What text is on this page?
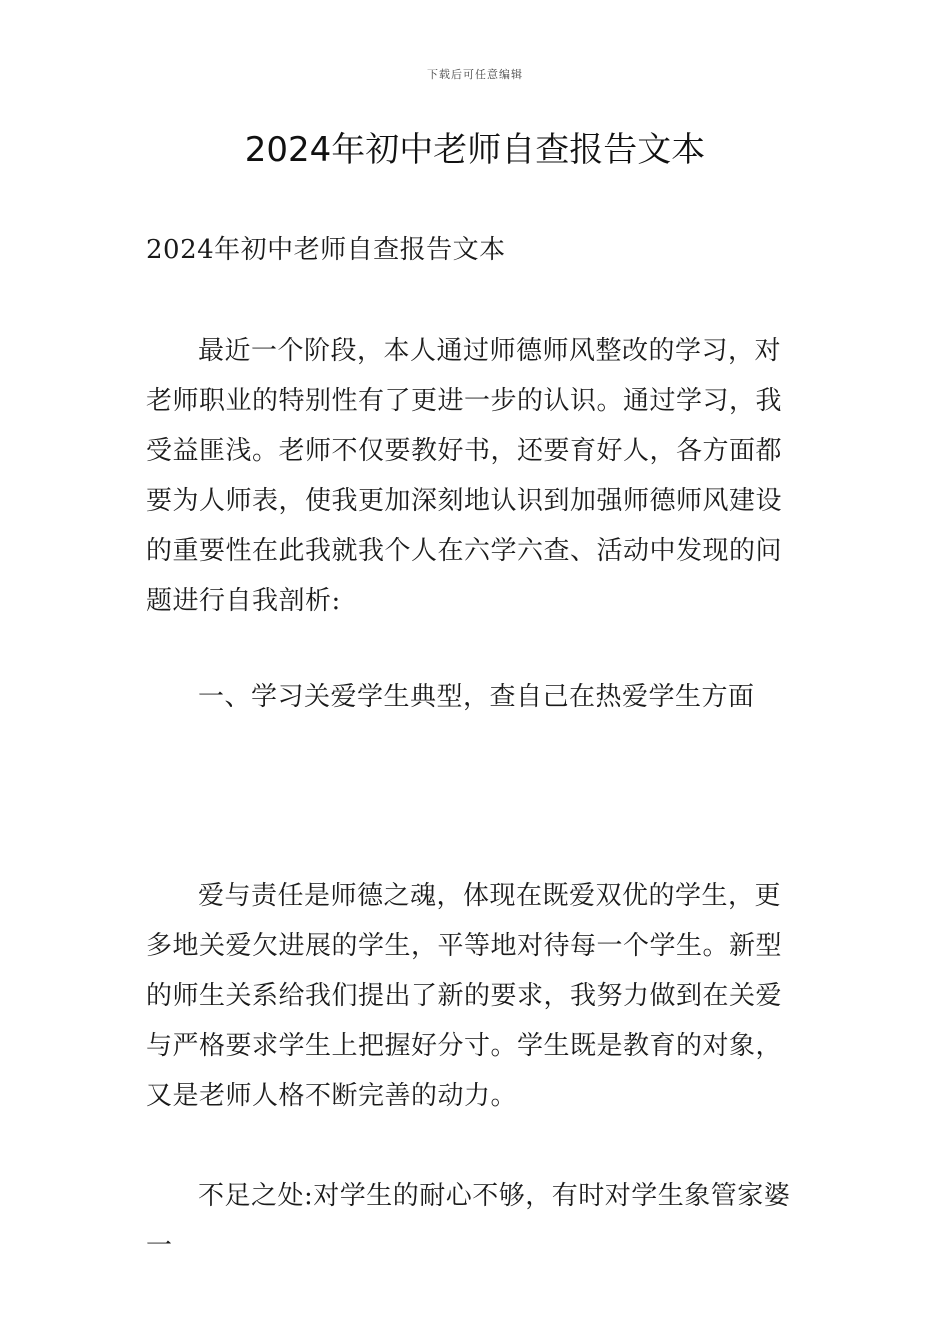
下载后可任意编辑
2024年初中老师自查报告文本

2024年初中老师自查报告文本

最近一个阶段，本人通过师德师风整改的学习，对老师职业的特别性有了更进一步的认识。通过学习，我受益匪浅。老师不仅要教好书，还要育好人，各方面都要为人师表，使我更加深刻地认识到加强师德师风建设的重要性在此我就我个人在六学六查、活动中发现的问题进行自我剖析:

一、学习关爱学生典型，查自己在热爱学生方面

爱与责任是师德之魂，体现在既爱双优的学生，更多地关爱欠进展的学生，平等地对待每一个学生。新型的师生关系给我们提出了新的要求，我努力做到在关爱与严格要求学生上把握好分寸。学生既是教育的对象，又是老师人格不断完善的动力。

不足之处:对学生的耐心不够，有时对学生象管家婆一
